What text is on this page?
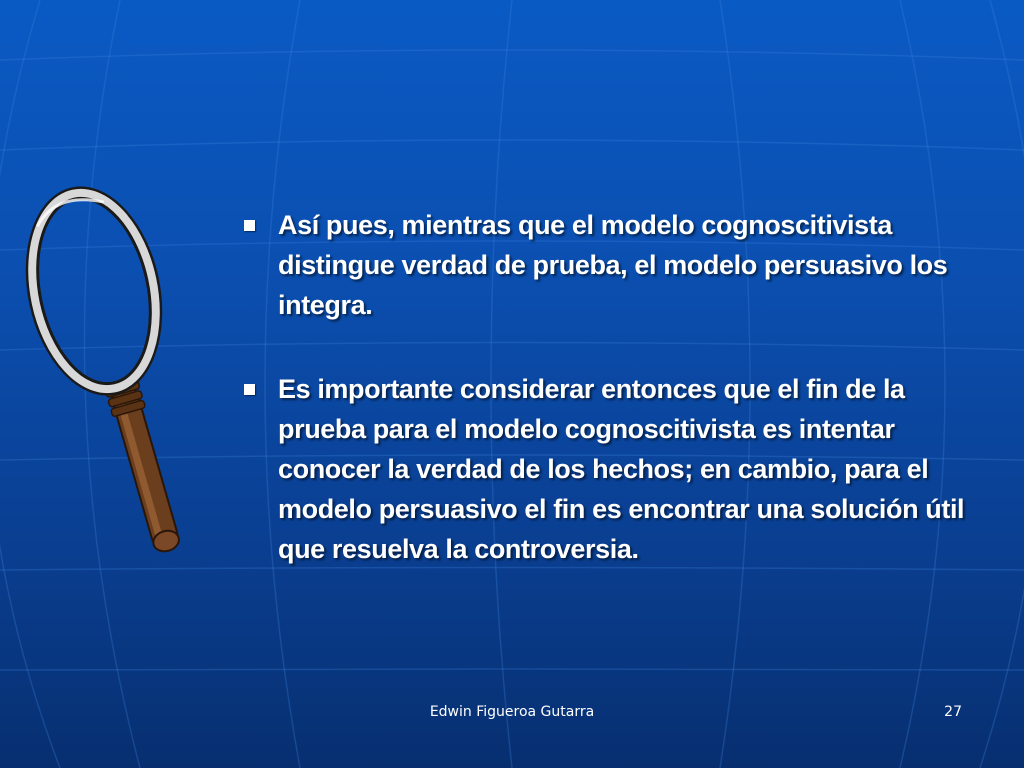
Así pues, mientras que el modelo cognoscitivista distingue verdad de prueba, el modelo persuasivo los integra.
Es importante considerar entonces que el fin de la prueba para el modelo cognoscitivista es intentar conocer la verdad de los hechos; en cambio, para el modelo persuasivo el fin es encontrar una solución útil que resuelva la controversia.
Edwin Figueroa Gutarra	27
